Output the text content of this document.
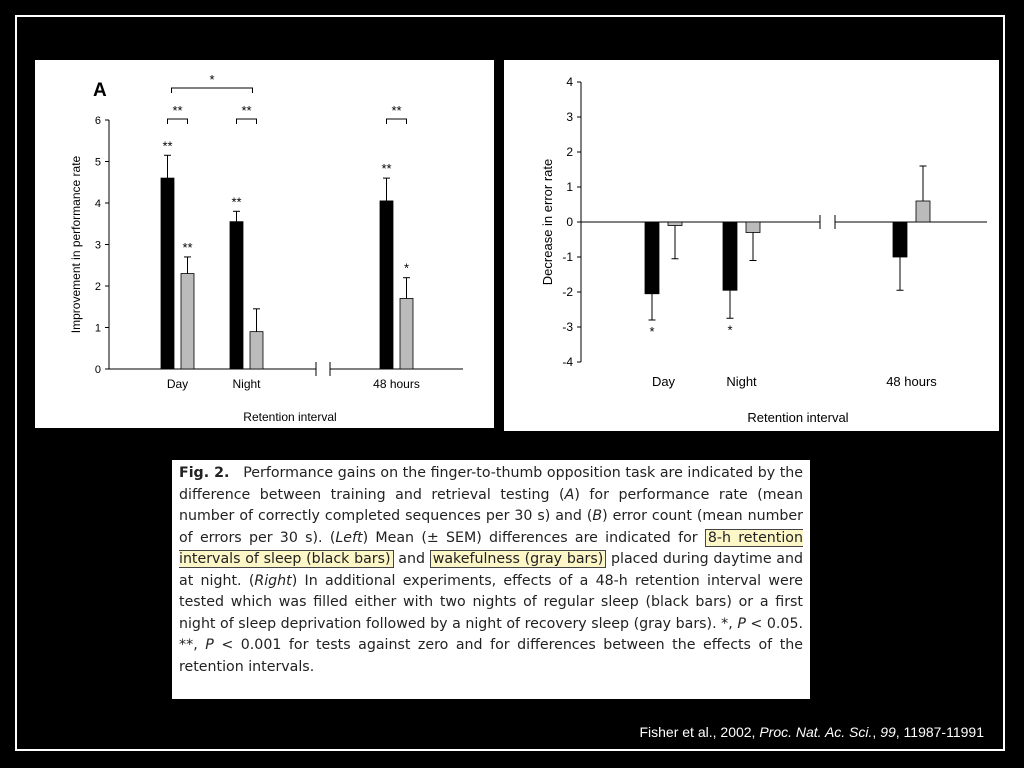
0
1
2
3
4
5
6
**
**
**
**
*
Day	Night	48 hours
Retention interval
Improvement in performance rate
A
*
**	**	**
-4
-3
-2
-1
0
1
2
3
4
*	*
Day	Night	48 hours
Retention interval
Decrease in error rate
Fig. 2. Performance gains on the finger-to-thumb opposition task are indicated by the difference between training and retrieval testing (A) for performance rate (mean number of correctly completed sequences per 30 s) and (B) error count (mean number of errors per 30 s). (Left) Mean (± SEM) differences are indicated for 8-h retention intervals of sleep (black bars) and wakefulness (gray bars) placed during daytime and at night. (Right) In additional experiments, effects of a 48-h retention interval were tested which was filled either with two nights of regular sleep (black bars) or a first night of sleep deprivation followed by a night of recovery sleep (gray bars). *, P < 0.05. **, P < 0.001 for tests against zero and for differences between the effects of the retention intervals.
Fisher et al., 2002, Proc. Nat. Ac. Sci., 99, 11987-11991
